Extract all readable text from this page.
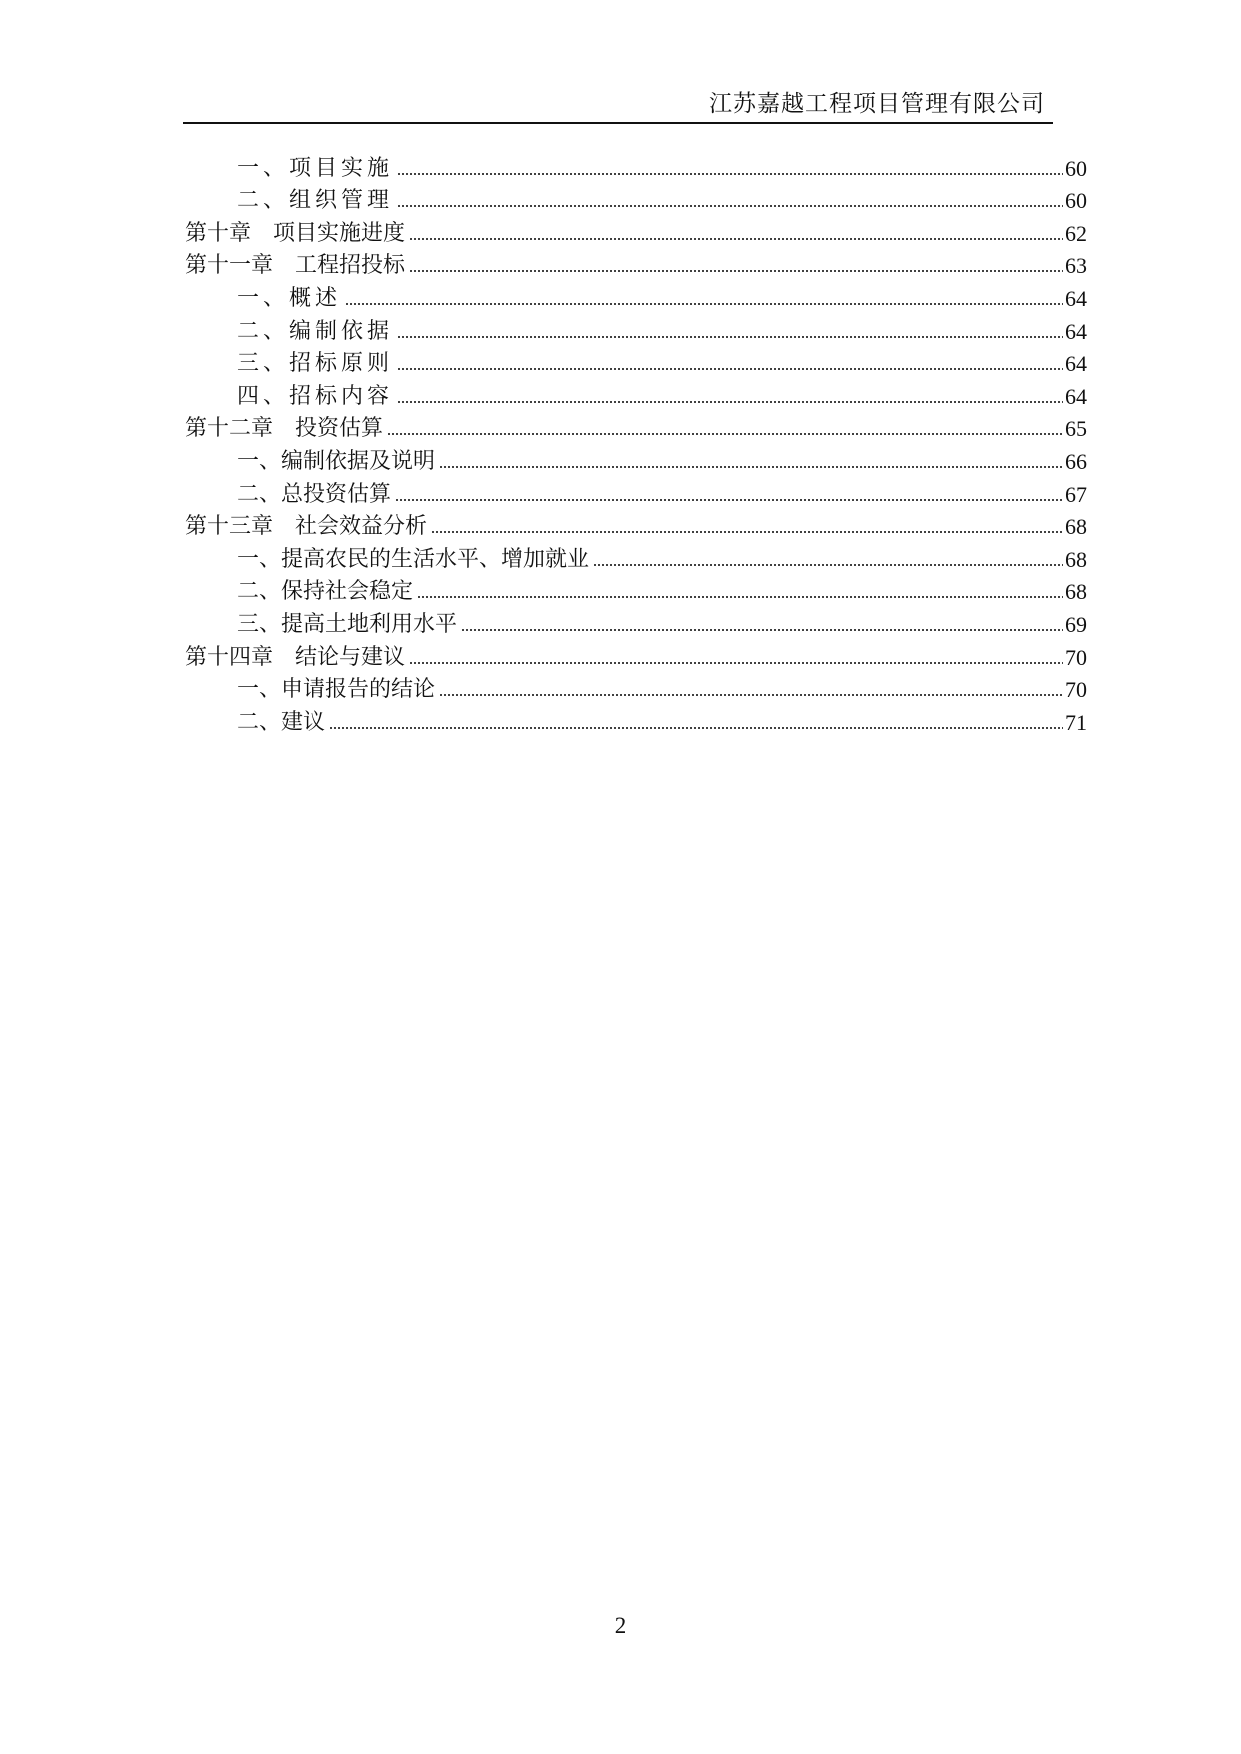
江苏嘉越工程项目管理有限公司
一、项目实施	60
二、组织管理	60
第十章　项目实施进度	62
第十一章　工程招投标	63
一、概述	64
二、编制依据	64
三、招标原则	64
四、招标内容	64
第十二章　投资估算	65
一、编制依据及说明	66
二、总投资估算	67
第十三章　社会效益分析	68
一、提高农民的生活水平、增加就业	68
二、保持社会稳定	68
三、提高土地利用水平	69
第十四章　结论与建议	70
一、申请报告的结论	70
二、建议	71
2
